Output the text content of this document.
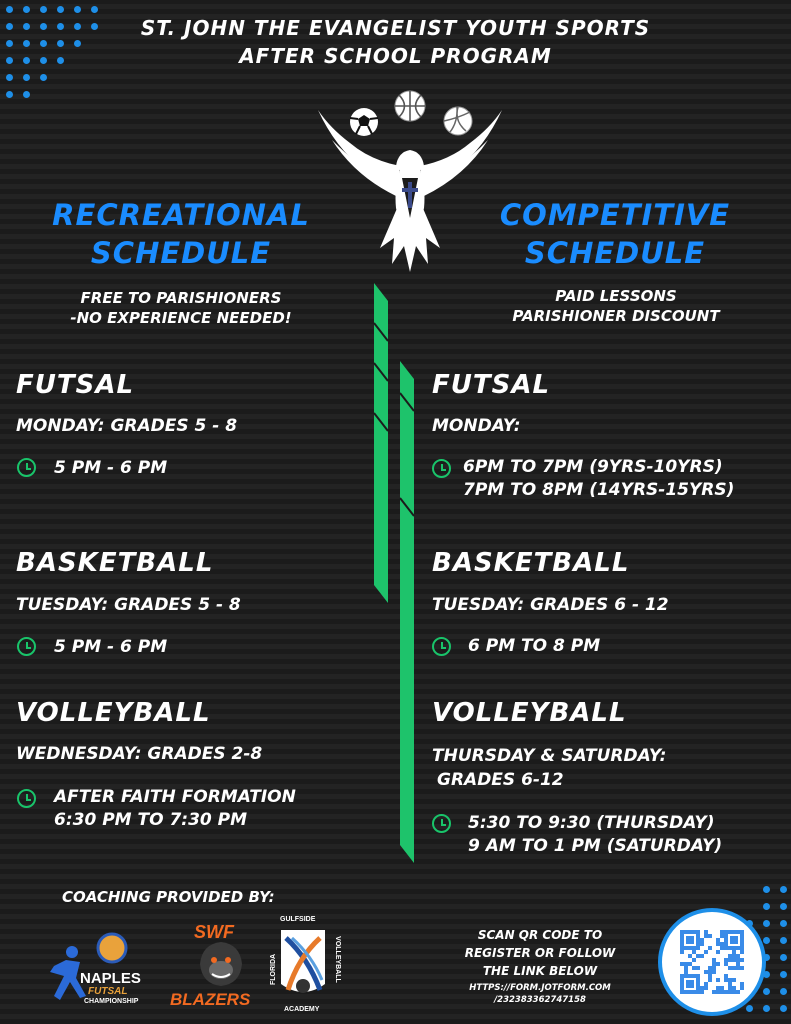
ST. JOHN THE EVANGELIST YOUTH SPORTS
AFTER SCHOOL PROGRAM
RECREATIONAL
SCHEDULE
FREE TO PARISHIONERS
-NO EXPERIENCE NEEDED!
FUTSAL
MONDAY: GRADES 5 - 8
5 PM - 6 PM
BASKETBALL
TUESDAY: GRADES 5 - 8
5 PM - 6 PM
VOLLEYBALL
WEDNESDAY: GRADES 2-8
AFTER FAITH FORMATION
6:30 PM TO 7:30 PM
COMPETITIVE
SCHEDULE
PAID LESSONS
PARISHIONER DISCOUNT
FUTSAL
MONDAY:
6PM TO 7PM (9YRS-10YRS)
7PM TO 8PM (14YRS-15YRS)
BASKETBALL
TUESDAY: GRADES 6 - 12
6 PM TO 8 PM
VOLLEYBALL
THURSDAY & SATURDAY:
GRADES 6-12
5:30 TO 9:30 (THURSDAY)
9 AM TO 1 PM (SATURDAY)
COACHING PROVIDED BY:
NAPLES
FUTSAL
CHAMPIONSHIP
SWF
BLAZERS
GULFSIDE
FLORIDA	VOLLEYBALL
ACADEMY
SCAN QR CODE TO
REGISTER OR FOLLOW
THE LINK BELOW
HTTPS://FORM.JOTFORM.COM
/232383362747158
